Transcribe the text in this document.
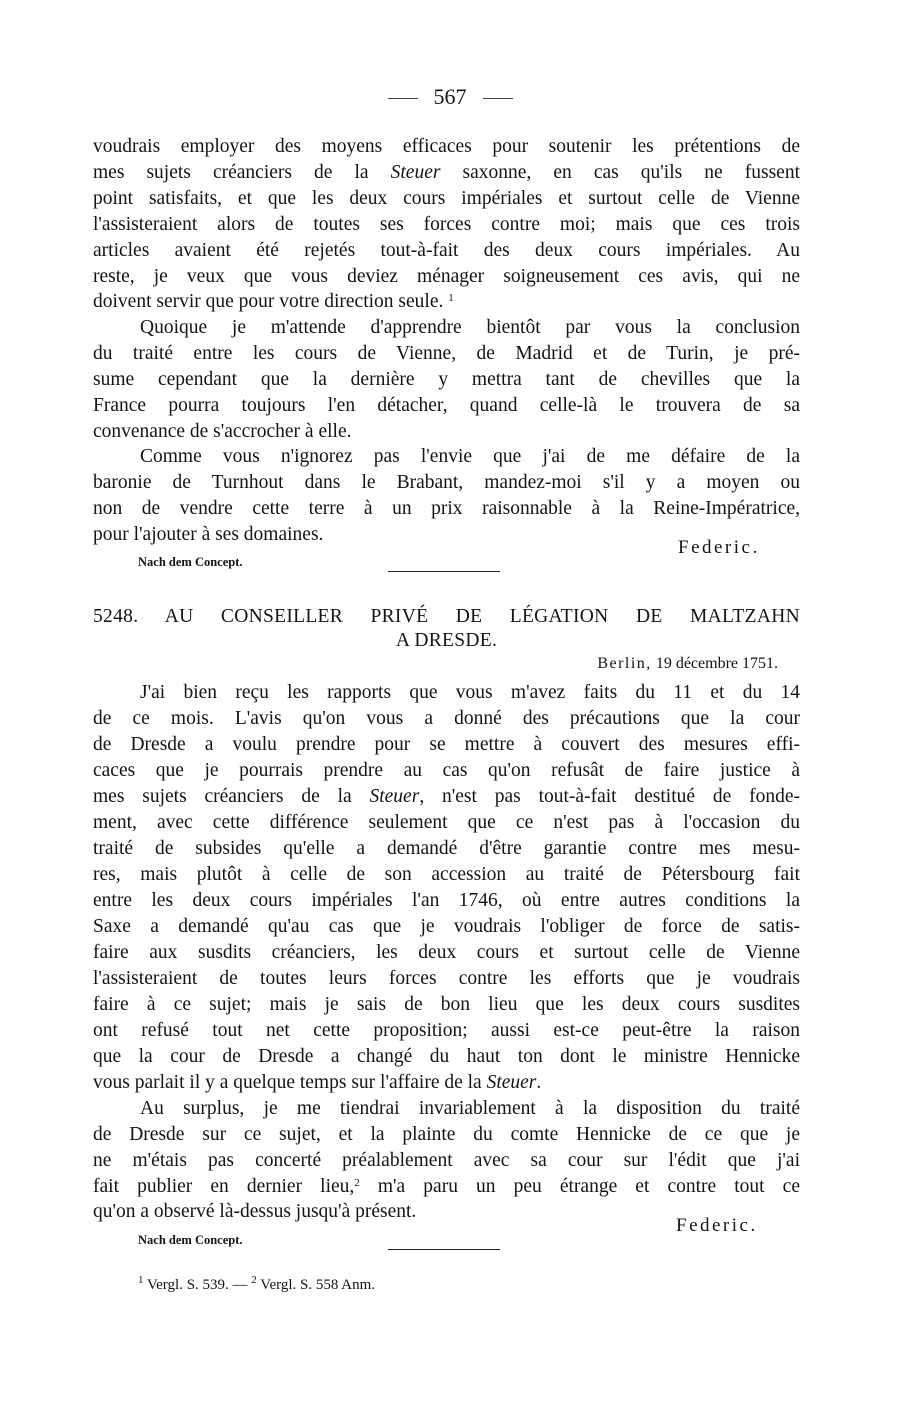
567
voudrais employer des moyens efficaces pour soutenir les prétentions de
mes sujets créanciers de la Steuer saxonne, en cas qu'ils ne fussent
point satisfaits, et que les deux cours impériales et surtout celle de Vienne
l'assisteraient alors de toutes ses forces contre moi; mais que ces trois
articles avaient été rejetés tout-à-fait des deux cours impériales. Au
reste, je veux que vous deviez ménager soigneusement ces avis, qui ne
doivent servir que pour votre direction seule. $^1$
Quoique je m'attende d'apprendre bientôt par vous la conclusion
du traité entre les cours de Vienne, de Madrid et de Turin, je pré-
sume cependant que la dernière y mettra tant de chevilles que la
France pourra toujours l'en détacher, quand celle-là le trouvera de sa
convenance de s'accrocher à elle.
Comme vous n'ignorez pas l'envie que j'ai de me défaire de la
baronie de Turnhout dans le Brabant, mandez-moi s'il y a moyen ou
non de vendre cette terre à un prix raisonnable à la Reine-Impératrice,
pour l'ajouter à ses domaines.
Federic.
Nach dem Concept.
5248. AU CONSEILLER PRIVÉ DE LÉGATION DE MALTZAHN
A DRESDE.
Berlin, 19 décembre 1751.
J'ai bien reçu les rapports que vous m'avez faits du 11 et du 14
de ce mois. L'avis qu'on vous a donné des précautions que la cour
de Dresde a voulu prendre pour se mettre à couvert des mesures effi-
caces que je pourrais prendre au cas qu'on refusât de faire justice à
mes sujets créanciers de la Steuer, n'est pas tout-à-fait destitué de fonde-
ment, avec cette différence seulement que ce n'est pas à l'occasion du
traité de subsides qu'elle a demandé d'être garantie contre mes mesu-
res, mais plutôt à celle de son accession au traité de Pétersbourg fait
entre les deux cours impériales l'an 1746, où entre autres conditions la
Saxe a demandé qu'au cas que je voudrais l'obliger de force de satis-
faire aux susdits créanciers, les deux cours et surtout celle de Vienne
l'assisteraient de toutes leurs forces contre les efforts que je voudrais
faire à ce sujet; mais je sais de bon lieu que les deux cours susdites
ont refusé tout net cette proposition; aussi est-ce peut-être la raison
que la cour de Dresde a changé du haut ton dont le ministre Hennicke
vous parlait il y a quelque temps sur l'affaire de la Steuer.
Au surplus, je me tiendrai invariablement à la disposition du traité
de Dresde sur ce sujet, et la plainte du comte Hennicke de ce que je
ne m'étais pas concerté préalablement avec sa cour sur l'édit que j'ai
fait publier en dernier lieu,$^2$ m'a paru un peu étrange et contre tout ce
qu'on a observé là-dessus jusqu'à présent.
Federic.
Nach dem Concept.
$^1$ Vergl. S. 539. — $^2$ Vergl. S. 558 Anm.
